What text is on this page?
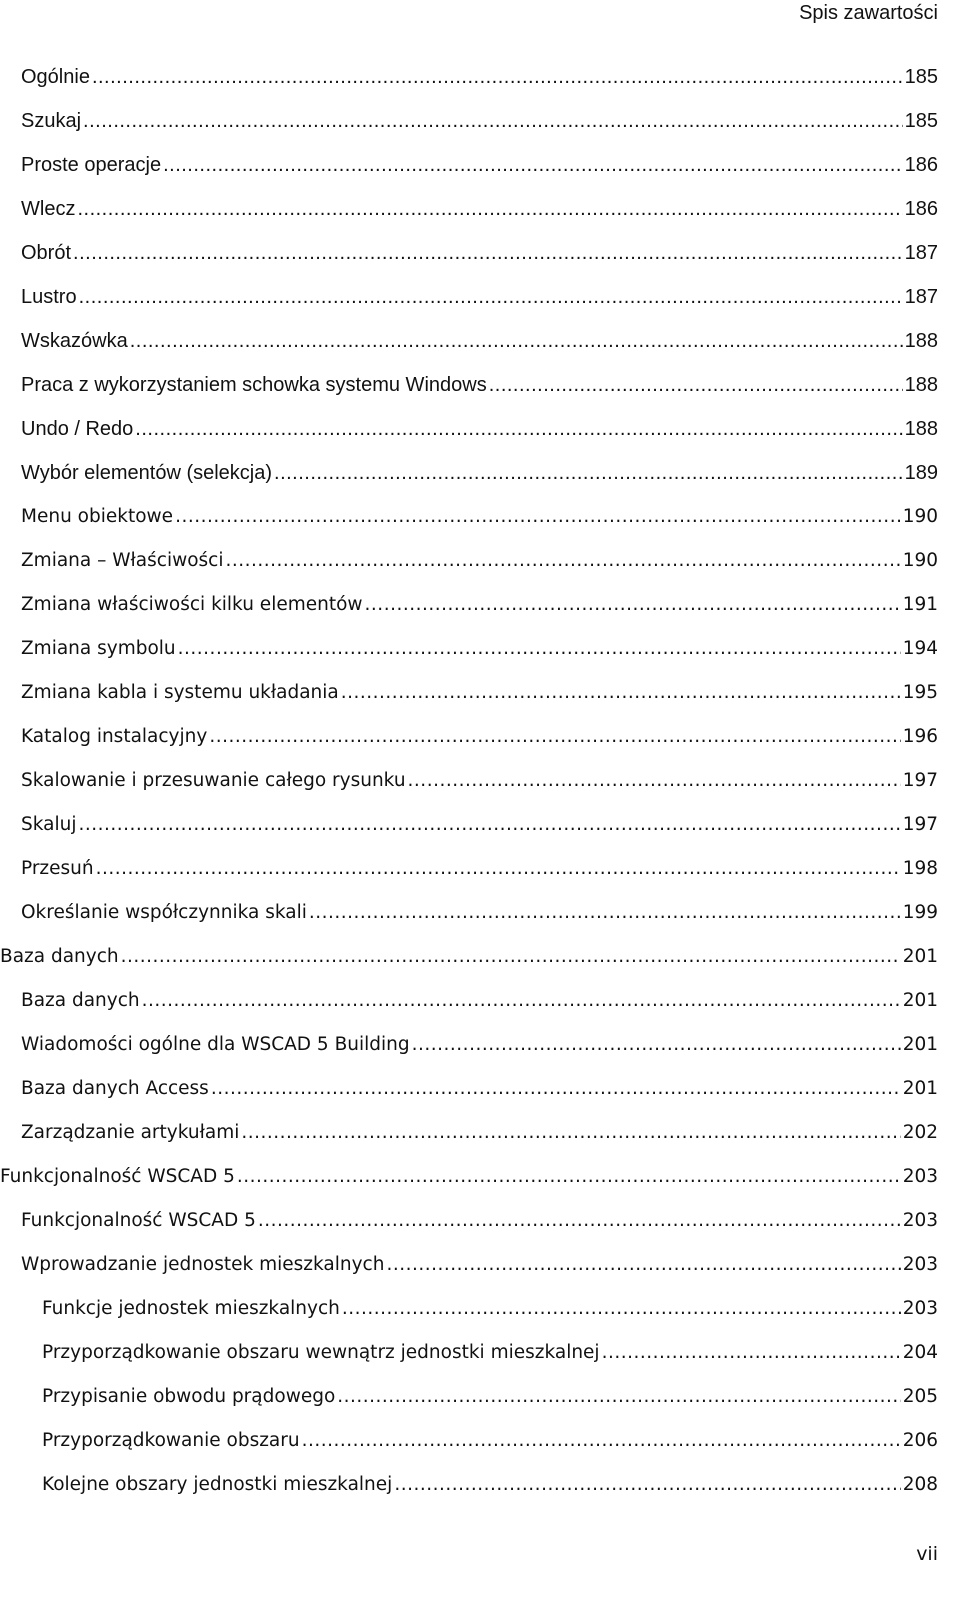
Spis zawartości
Ogólnie .....	185
Szukaj .....	185
Proste operacje .....	186
Wlecz .....	186
Obrót .....	187
Lustro .....	187
Wskazówka .....	188
Praca z wykorzystaniem schowka systemu Windows .....	188
Undo / Redo .....	188
Wybór elementów (selekcja) .....	189
Menu obiektowe .....	190
Zmiana – Właściwości .....	190
Zmiana właściwości kilku elementów .....	191
Zmiana symbolu .....	194
Zmiana kabla i systemu układania .....	195
Katalog instalacyjny .....	196
Skalowanie i przesuwanie całego rysunku .....	197
Skaluj .....	197
Przesuń .....	198
Określanie współczynnika skali .....	199
Baza danych .....	201
Baza danych .....	201
Wiadomości ogólne dla WSCAD 5 Building .....	201
Baza danych Access .....	201
Zarządzanie artykułami .....	202
Funkcjonalność WSCAD 5 .....	203
Funkcjonalność WSCAD 5 .....	203
Wprowadzanie jednostek mieszkalnych .....	203
Funkcje jednostek mieszkalnych .....	203
Przyporządkowanie obszaru wewnątrz jednostki mieszkalnej .....	204
Przypisanie obwodu prądowego .....	205
Przyporządkowanie obszaru .....	206
Kolejne obszary jednostki mieszkalnej .....	208
vii
